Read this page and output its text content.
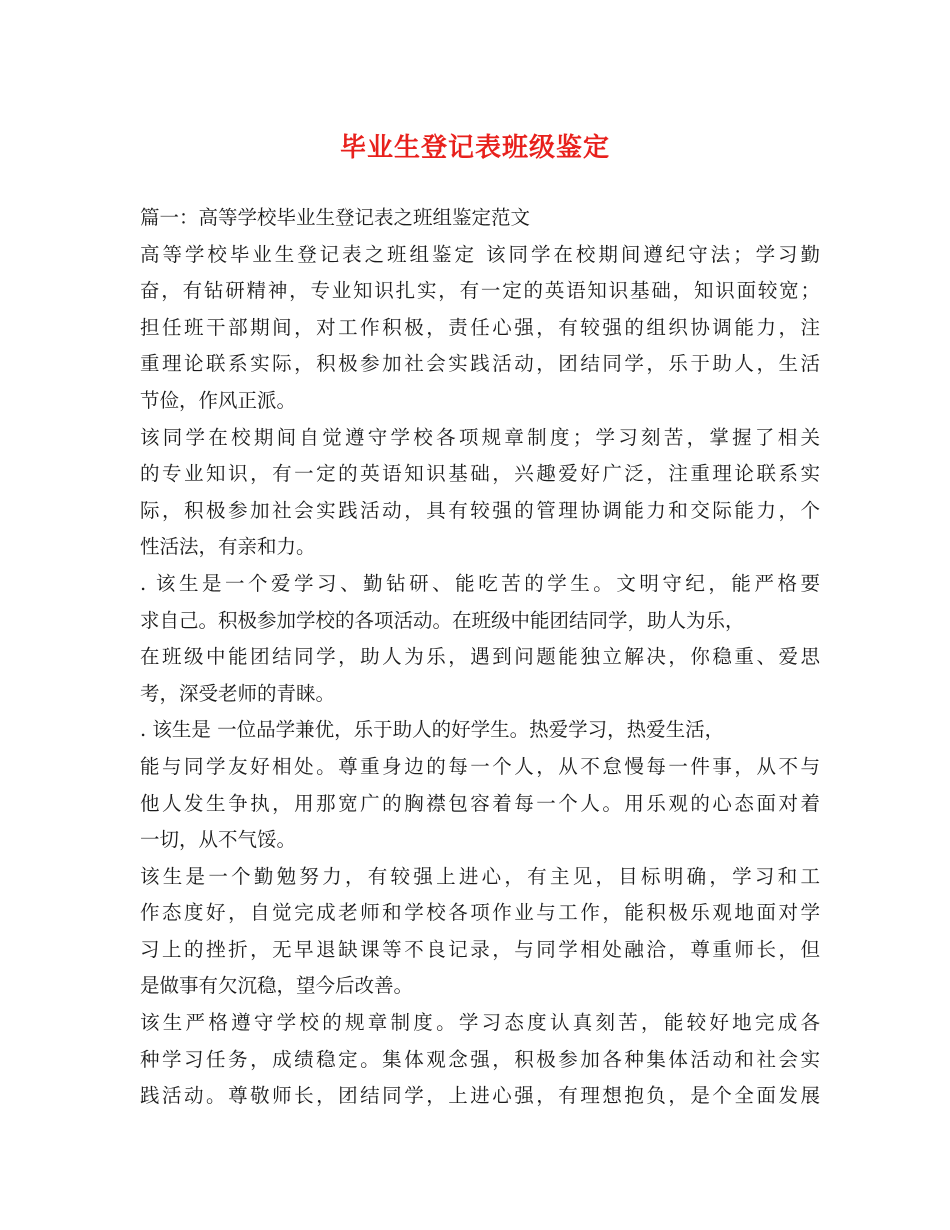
毕业生登记表班级鉴定
篇一：高等学校毕业生登记表之班组鉴定范文
高等学校毕业生登记表之班组鉴定 该同学在校期间遵纪守法；学习勤
奋，有钻研精神，专业知识扎实，有一定的英语知识基础，知识面较宽；
担任班干部期间，对工作积极，责任心强，有较强的组织协调能力，注
重理论联系实际，积极参加社会实践活动，团结同学，乐于助人，生活
节俭，作风正派。
该同学在校期间自觉遵守学校各项规章制度；学习刻苦，掌握了相关
的专业知识，有一定的英语知识基础，兴趣爱好广泛，注重理论联系实
际，积极参加社会实践活动，具有较强的管理协调能力和交际能力，个
性活法，有亲和力。
. 该生是一个爱学习、勤钻研、能吃苦的学生。文明守纪，能严格要
求自己。积极参加学校的各项活动。在班级中能团结同学，助人为乐，
在班级中能团结同学，助人为乐，遇到问题能独立解决，你稳重、爱思
考，深受老师的青睐。
. 该生是 一位品学兼优，乐于助人的好学生。热爱学习，热爱生活，
能与同学友好相处。尊重身边的每一个人，从不怠慢每一件事，从不与
他人发生争执，用那宽广的胸襟包容着每一个人。用乐观的心态面对着
一切，从不气馁。
该生是一个勤勉努力，有较强上进心，有主见，目标明确，学习和工
作态度好，自觉完成老师和学校各项作业与工作，能积极乐观地面对学
习上的挫折，无早退缺课等不良记录，与同学相处融洽，尊重师长，但
是做事有欠沉稳，望今后改善。
该生严格遵守学校的规章制度。学习态度认真刻苦，能较好地完成各
种学习任务，成绩稳定。集体观念强，积极参加各种集体活动和社会实
践活动。尊敬师长，团结同学，上进心强，有理想抱负，是个全面发展
